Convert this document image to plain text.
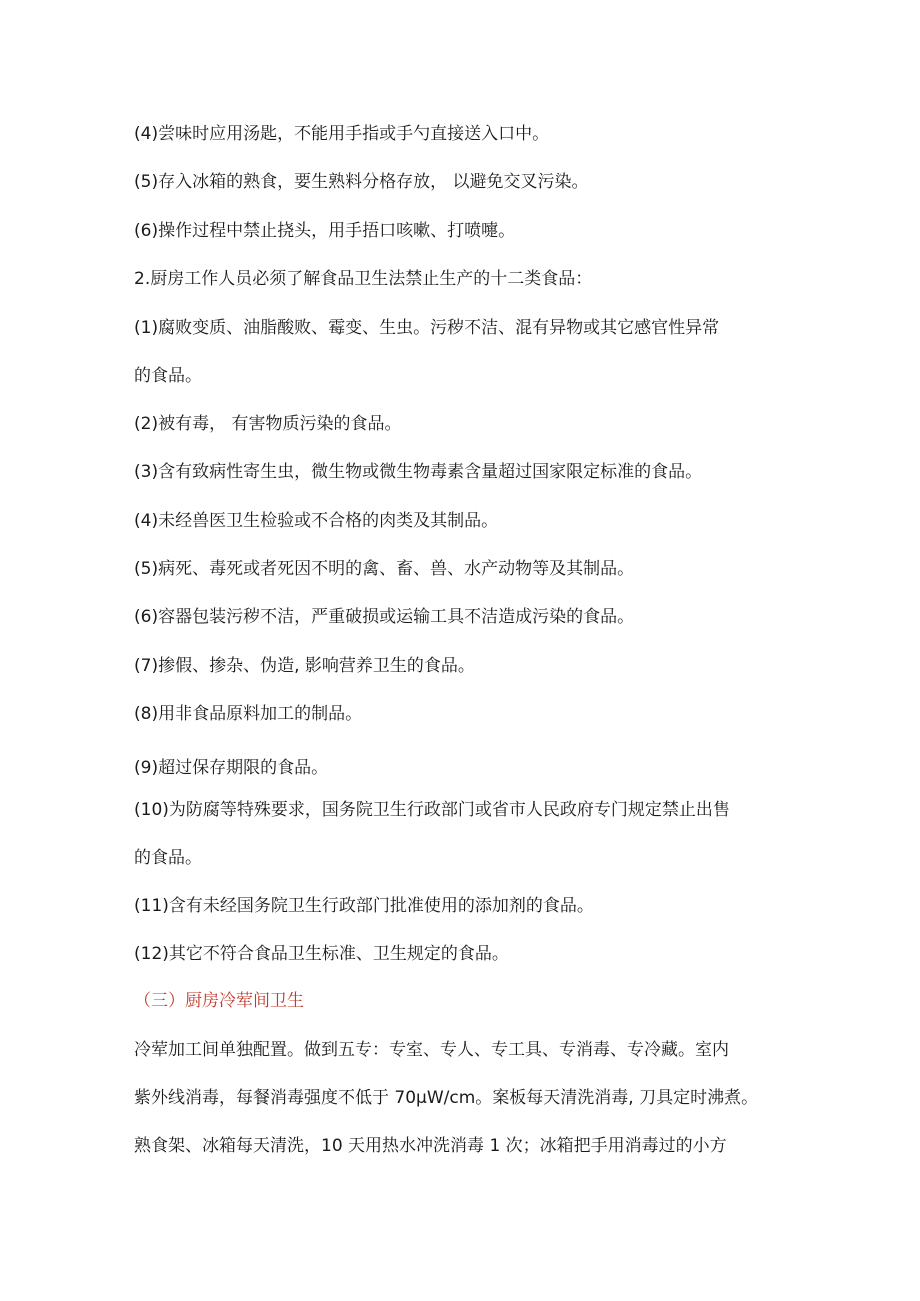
(4)尝味时应用汤匙，不能用手指或手勺直接送入口中。
(5)存入冰箱的熟食，要生熟料分格存放， 以避免交叉污染。
(6)操作过程中禁止挠头，用手捂口咳嗽、打喷嚏。
2.厨房工作人员必须了解食品卫生法禁止生产的十二类食品：
(1)腐败变质、油脂酸败、霉变、生虫。污秽不洁、混有异物或其它感官性异常
的食品。
(2)被有毒， 有害物质污染的食品。
(3)含有致病性寄生虫，微生物或微生物毒素含量超过国家限定标准的食品。
(4)未经兽医卫生检验或不合格的肉类及其制品。
(5)病死、毒死或者死因不明的禽、畜、兽、水产动物等及其制品。
(6)容器包装污秽不洁，严重破损或运输工具不洁造成污染的食品。
(7)掺假、掺杂、伪造, 影响营养卫生的食品。
(8)用非食品原料加工的制品。
(9)超过保存期限的食品。
(10)为防腐等特殊要求，国务院卫生行政部门或省市人民政府专门规定禁止出售
的食品。
(11)含有未经国务院卫生行政部门批准使用的添加剂的食品。
(12)其它不符合食品卫生标准、卫生规定的食品。
（三）厨房冷荤间卫生
冷荤加工间单独配置。做到五专：专室、专人、专工具、专消毒、专冷藏。室内
紫外线消毒，每餐消毒强度不低于 70μW/cm。案板每天清洗消毒, 刀具定时沸煮。
熟食架、冰箱每天清洗，10 天用热水冲洗消毒 1 次；冰箱把手用消毒过的小方
